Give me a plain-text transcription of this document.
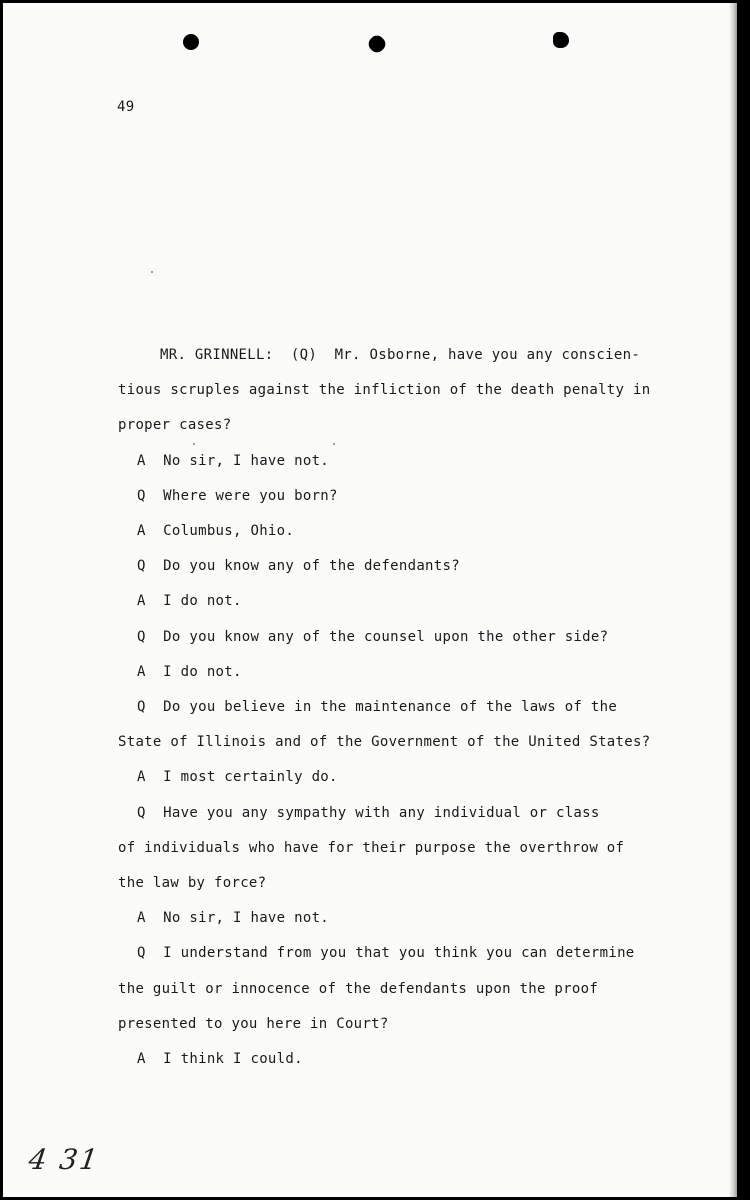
49
MR. GRINNELL:  (Q)  Mr. Osborne, have you any conscien-
tious scruples against the infliction of the death penalty in
proper cases?
A  No sir, I have not.
Q  Where were you born?
A  Columbus, Ohio.
Q  Do you know any of the defendants?
A  I do not.
Q  Do you know any of the counsel upon the other side?
A  I do not.
Q  Do you believe in the maintenance of the laws of the
State of Illinois and of the Government of the United States?
A  I most certainly do.
Q  Have you any sympathy with any individual or class
of individuals who have for their purpose the overthrow of
the law by force?
A  No sir, I have not.
Q  I understand from you that you think you can determine
the guilt or innocence of the defendants upon the proof
presented to you here in Court?
A  I think I could.
4 31
